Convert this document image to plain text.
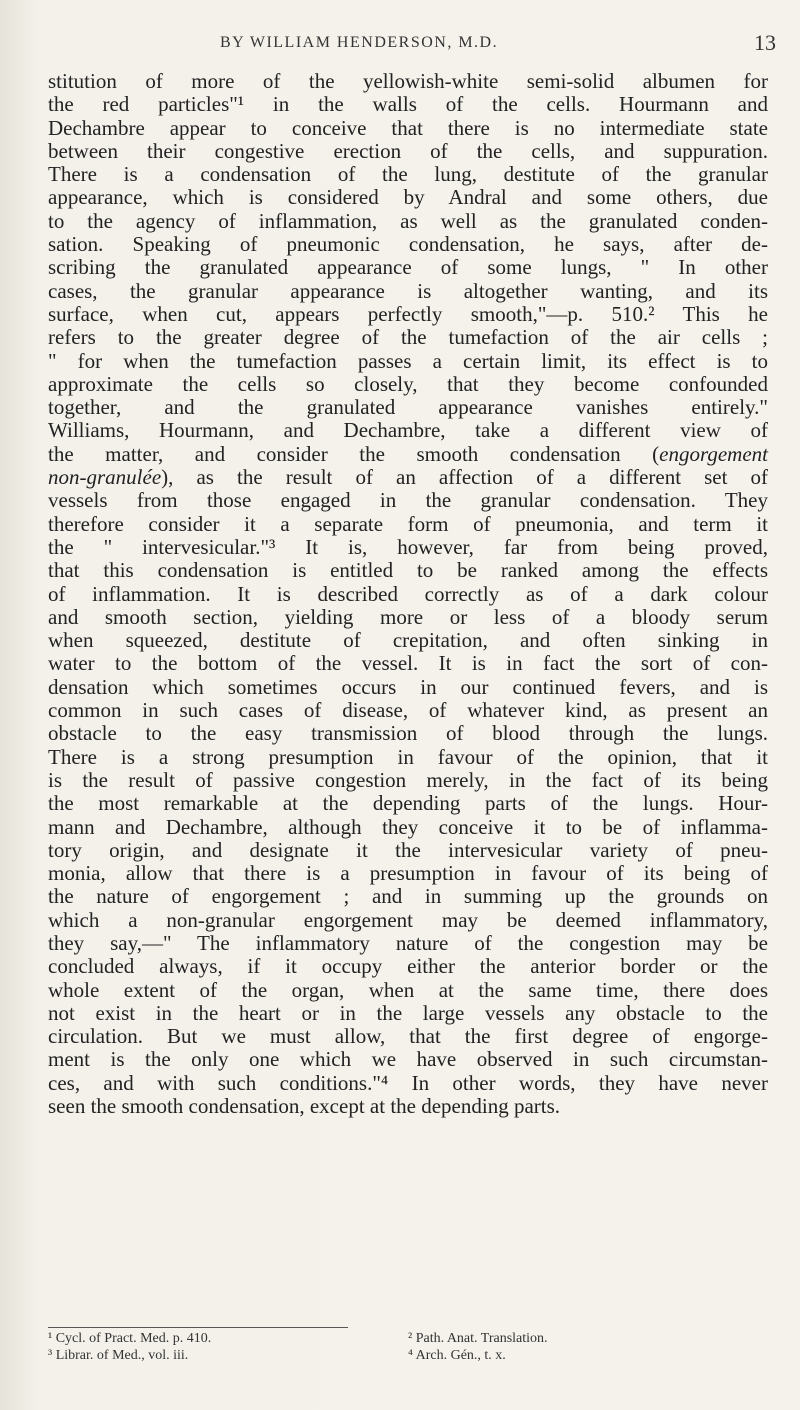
BY WILLIAM HENDERSON, M.D.	13
stitution of more of the yellowish-white semi-solid albumen for
the red particles"¹ in the walls of the cells. Hourmann and
Dechambre appear to conceive that there is no intermediate state
between their congestive erection of the cells, and suppuration.
There is a condensation of the lung, destitute of the granular
appearance, which is considered by Andral and some others, due
to the agency of inflammation, as well as the granulated conden-
sation. Speaking of pneumonic condensation, he says, after de-
scribing the granulated appearance of some lungs, " In other
cases, the granular appearance is altogether wanting, and its
surface, when cut, appears perfectly smooth,"—p. 510.² This he
refers to the greater degree of the tumefaction of the air cells ;
" for when the tumefaction passes a certain limit, its effect is to
approximate the cells so closely, that they become confounded
together, and the granulated appearance vanishes entirely."
Williams, Hourmann, and Dechambre, take a different view of
the matter, and consider the smooth condensation (engorgement
non-granulée), as the result of an affection of a different set of
vessels from those engaged in the granular condensation. They
therefore consider it a separate form of pneumonia, and term it
the " intervesicular."³ It is, however, far from being proved,
that this condensation is entitled to be ranked among the effects
of inflammation. It is described correctly as of a dark colour
and smooth section, yielding more or less of a bloody serum
when squeezed, destitute of crepitation, and often sinking in
water to the bottom of the vessel. It is in fact the sort of con-
densation which sometimes occurs in our continued fevers, and is
common in such cases of disease, of whatever kind, as present an
obstacle to the easy transmission of blood through the lungs.
There is a strong presumption in favour of the opinion, that it
is the result of passive congestion merely, in the fact of its being
the most remarkable at the depending parts of the lungs. Hour-
mann and Dechambre, although they conceive it to be of inflamma-
tory origin, and designate it the intervesicular variety of pneu-
monia, allow that there is a presumption in favour of its being of
the nature of engorgement ; and in summing up the grounds on
which a non-granular engorgement may be deemed inflammatory,
they say,—" The inflammatory nature of the congestion may be
concluded always, if it occupy either the anterior border or the
whole extent of the organ, when at the same time, there does
not exist in the heart or in the large vessels any obstacle to the
circulation. But we must allow, that the first degree of engorge-
ment is the only one which we have observed in such circumstan-
ces, and with such conditions."⁴ In other words, they have never
seen the smooth condensation, except at the depending parts.
¹ Cycl. of Pract. Med. p. 410.	² Path. Anat. Translation.
³ Librar. of Med., vol. iii.	⁴ Arch. Gén., t. x.
